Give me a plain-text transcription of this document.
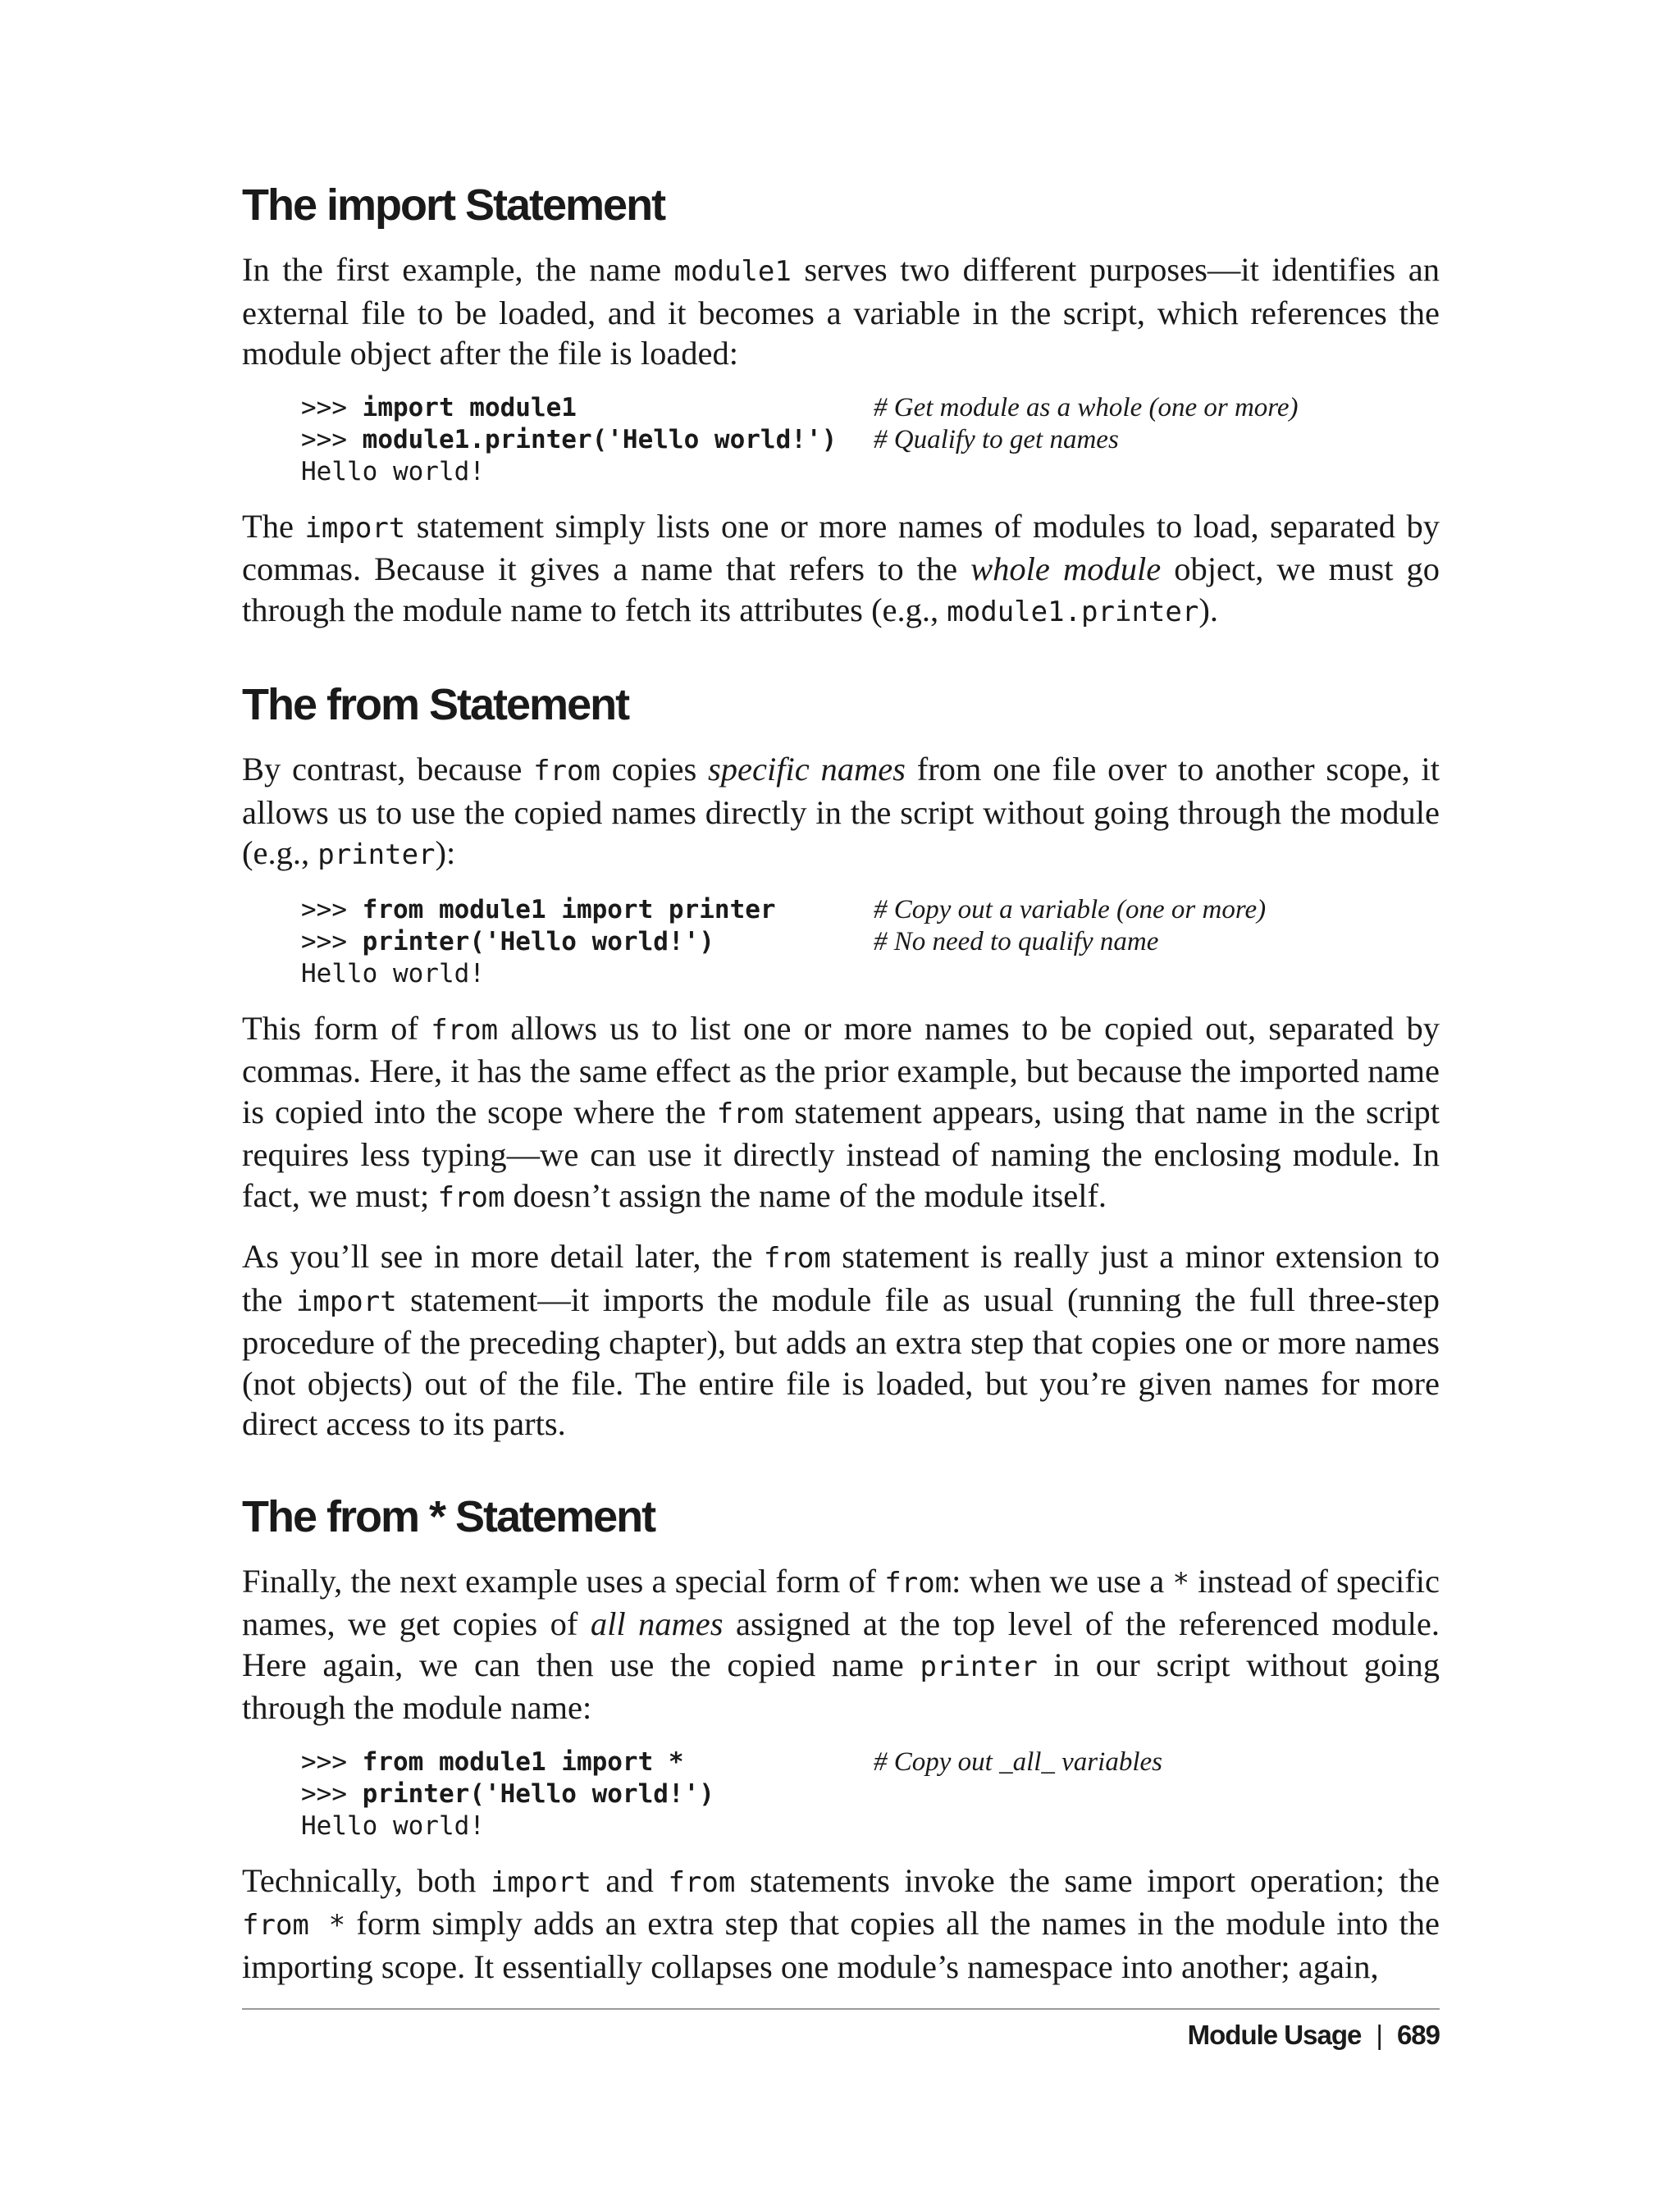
The import Statement

In the first example, the name module1 serves two different purposes—it identifies an external file to be loaded, and it becomes a variable in the script, which references the module object after the file is loaded:

>>> import module1	# Get module as a whole (one or more)
>>> module1.printer('Hello world!')	# Qualify to get names
Hello world!

The import statement simply lists one or more names of modules to load, separated by commas. Because it gives a name that refers to the whole module object, we must go through the module name to fetch its attributes (e.g., module1.printer).

The from Statement

By contrast, because from copies specific names from one file over to another scope, it allows us to use the copied names directly in the script without going through the module (e.g., printer):

>>> from module1 import printer	# Copy out a variable (one or more)
>>> printer('Hello world!')	# No need to qualify name
Hello world!

This form of from allows us to list one or more names to be copied out, separated by commas. Here, it has the same effect as the prior example, but because the imported name is copied into the scope where the from statement appears, using that name in the script requires less typing—we can use it directly instead of naming the enclosing module. In fact, we must; from doesn’t assign the name of the module itself.

As you’ll see in more detail later, the from statement is really just a minor extension to the import statement—it imports the module file as usual (running the full three-step procedure of the preceding chapter), but adds an extra step that copies one or more names (not objects) out of the file. The entire file is loaded, but you’re given names for more direct access to its parts.

The from * Statement

Finally, the next example uses a special form of from: when we use a * instead of specific names, we get copies of all names assigned at the top level of the referenced module. Here again, we can then use the copied name printer in our script without going through the module name:

>>> from module1 import *	# Copy out _all_ variables
>>> printer('Hello world!')
Hello world!

Technically, both import and from statements invoke the same import operation; the from * form simply adds an extra step that copies all the names in the module into the importing scope. It essentially collapses one module’s namespace into another; again,

Module Usage | 689
